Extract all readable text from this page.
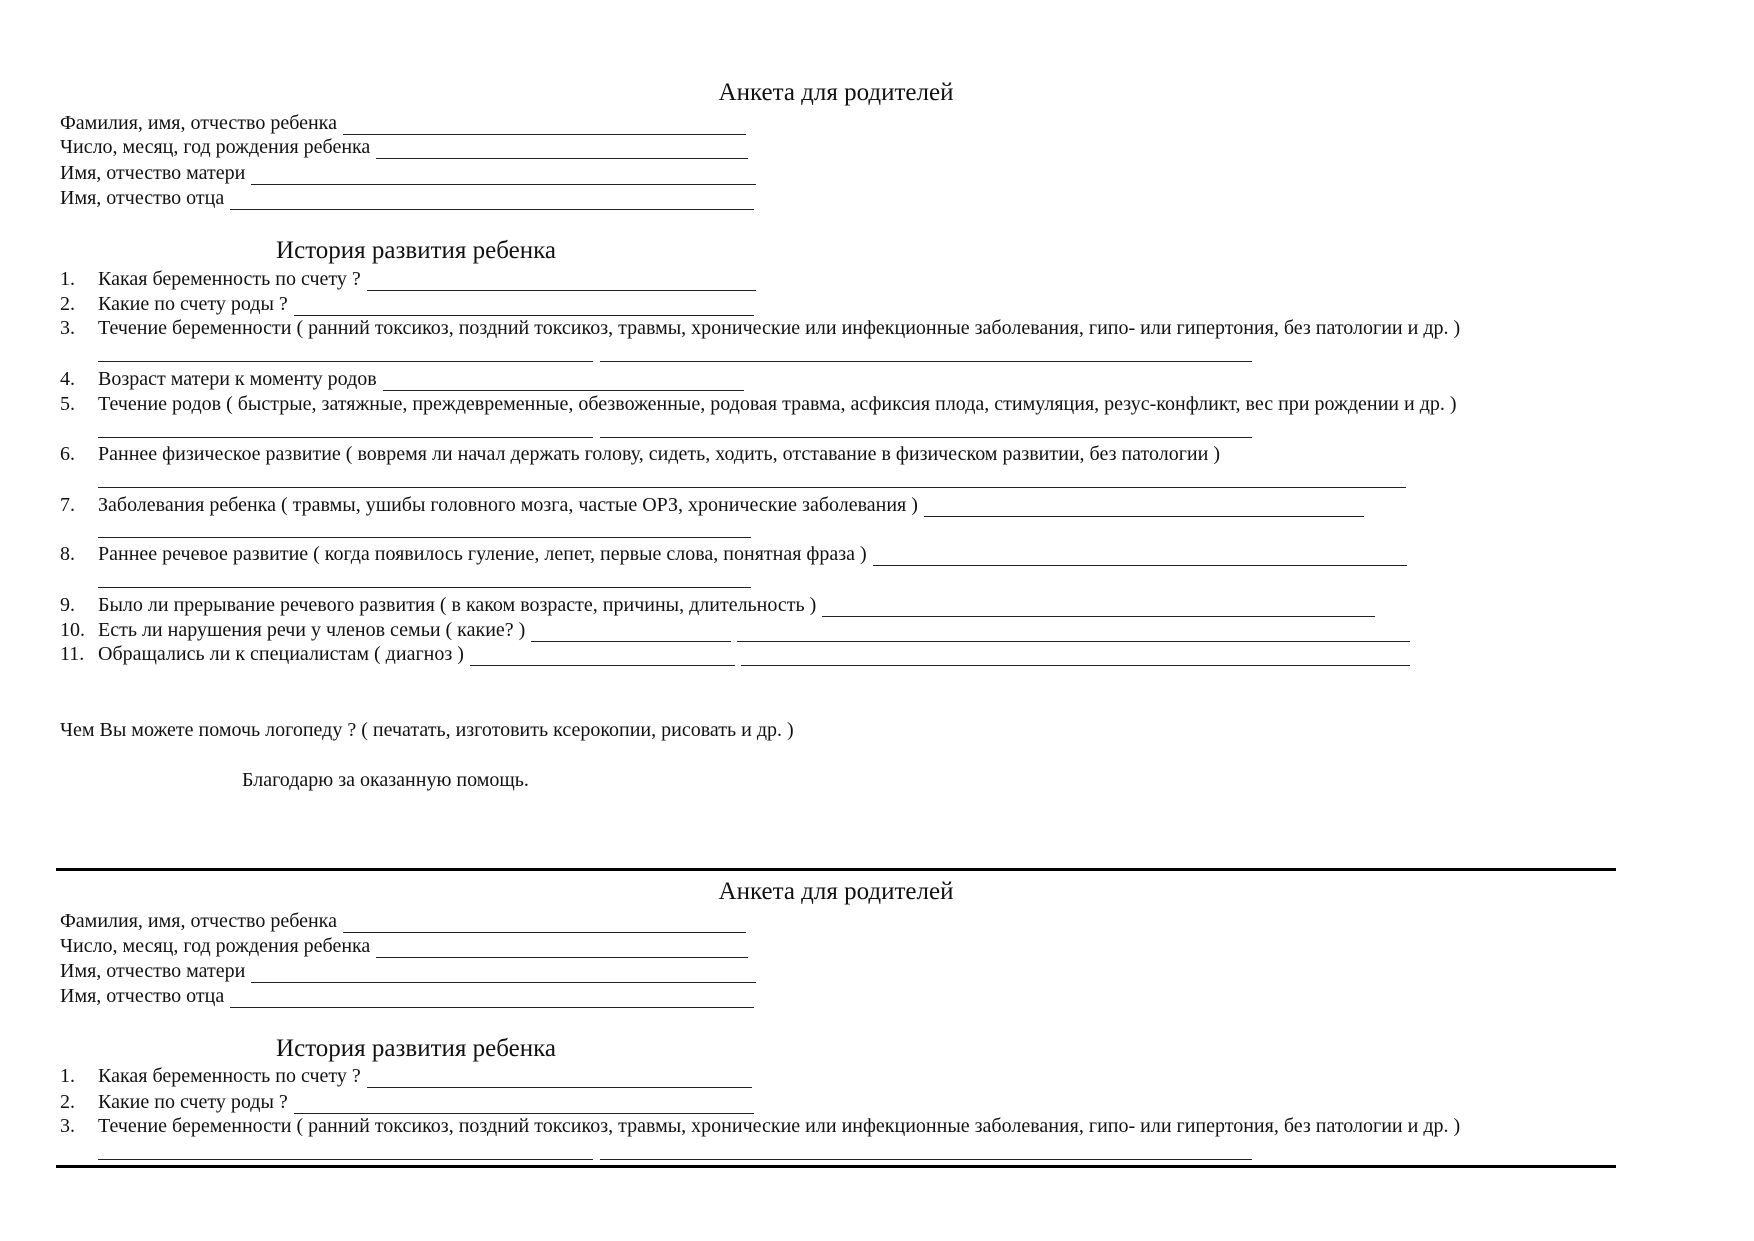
Анкета для родителей
Фамилия, имя, отчество ребенка
Число, месяц, год рождения ребенка
Имя, отчество матери
Имя, отчество отца
История развития ребенка
1.	Какая беременность по счету ?
2.	Какие по счету роды ?
3.	Течение беременности ( ранний токсикоз, поздний токсикоз, травмы, хронические или инфекционные заболевания, гипо- или гипертония, без патологии и др. )
4.	Возраст матери к моменту родов
5.	Течение родов ( быстрые, затяжные, преждевременные, обезвоженные, родовая травма, асфиксия плода, стимуляция, резус-конфликт, вес при рождении и др. )
6.	Раннее физическое развитие ( вовремя ли начал держать голову, сидеть, ходить, отставание в физическом развитии, без патологии )
7.	Заболевания ребенка ( травмы, ушибы головного мозга, частые ОРЗ, хронические заболевания )
8.	Раннее речевое развитие ( когда появилось гуление, лепет, первые слова, понятная фраза )
9.	Было ли прерывание речевого развития ( в каком возрасте, причины, длительность )
10. Есть ли нарушения речи у членов семьи ( какие? )
11. Обращались ли к специалистам ( диагноз )
Чем Вы можете помочь логопеду ? ( печатать, изготовить ксерокопии, рисовать и др. )
Благодарю за оказанную помощь.
Анкета для родителей
Фамилия, имя, отчество ребенка
Число, месяц, год рождения ребенка
Имя, отчество матери
Имя, отчество отца
История развития ребенка
1.	Какая беременность по счету ?
2.	Какие по счету роды ?
3.	Течение беременности ( ранний токсикоз, поздний токсикоз, травмы, хронические или инфекционные заболевания, гипо- или гипертония, без патологии и др. )
